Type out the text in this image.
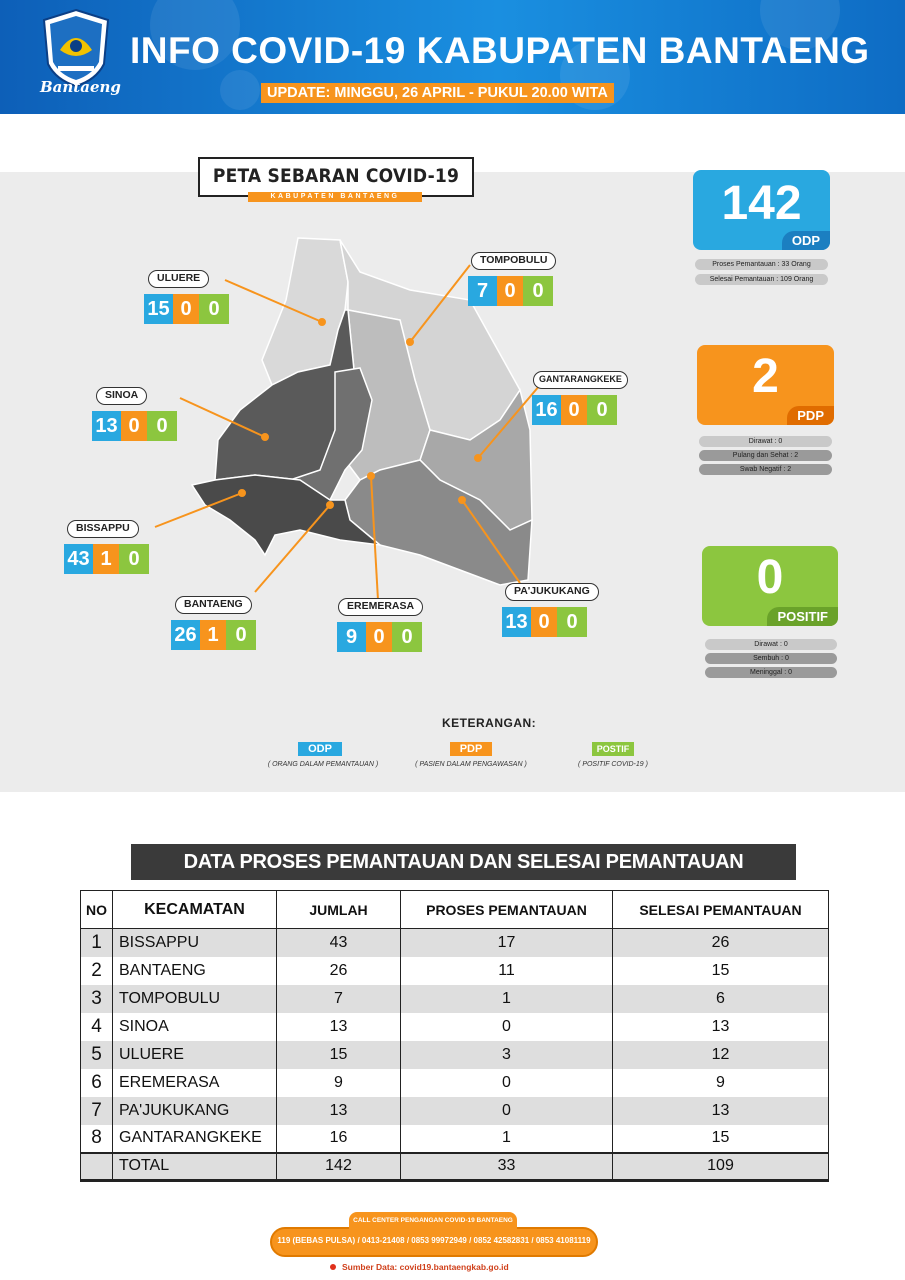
Bantaeng
INFO COVID-19 KABUPATEN BANTAENG
UPDATE: MINGGU, 26 APRIL - PUKUL 20.00 WITA
PETA SEBARAN COVID-19
KABUPATEN BANTAENG
ULUERE
15 0 0
TOMPOBULU
7 0 0
SINOA
13 0 0
GANTARANGKEKE
16 0 0
BISSAPPU
43 1 0
BANTAENG
26 1 0
EREMERASA
9 0 0
PA'JUKUKANG
13 0 0
142
ODP
Proses Pemantauan : 33 Orang
Selesai Pemantauan : 109 Orang
2
PDP
Dirawat : 0
Pulang dan Sehat : 2
Swab Negatif : 2
0
POSITIF
Dirawat : 0
Sembuh : 0
Meninggal : 0
KETERANGAN:
ODP
( ORANG DALAM PEMANTAUAN )
PDP
( PASIEN DALAM PENGAWASAN )
POSTIF
( POSITIF COVID-19 )
DATA PROSES PEMANTAUAN DAN SELESAI PEMANTAUAN
NO	KECAMATAN	JUMLAH	PROSES PEMANTAUAN	SELESAI PEMANTAUAN
1	BISSAPPU	43	17	26
2	BANTAENG	26	11	15
3	TOMPOBULU	7	1	6
4	SINOA	13	0	13
5	ULUERE	15	3	12
6	EREMERASA	9	0	9
7	PA'JUKUKANG	13	0	13
8	GANTARANGKEKE	16	1	15
	TOTAL	142	33	109
CALL CENTER PENGANGAN COVID-19 BANTAENG
119 (BEBAS PULSA) / 0413-21408 / 0853 99972949 / 0852 42582831 / 0853 41081119
Sumber Data: covid19.bantaengkab.go.id
